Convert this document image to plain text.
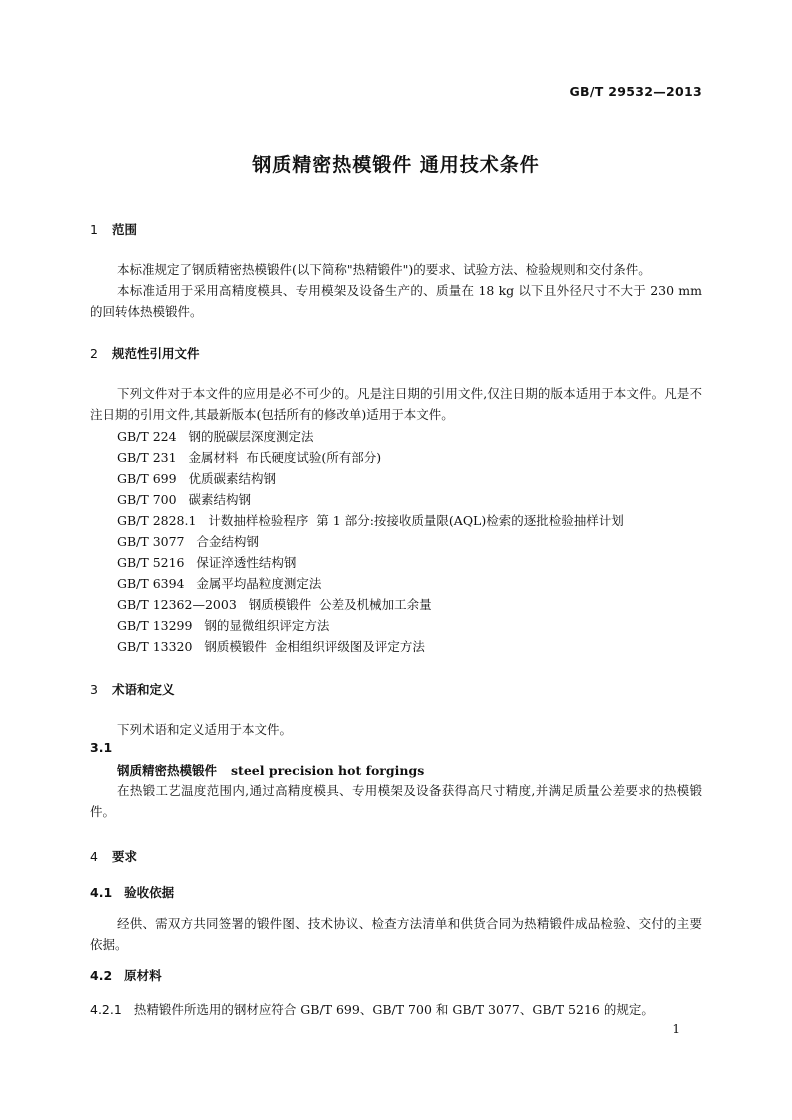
GB/T 29532—2013
钢质精密热模锻件 通用技术条件
1 范围
本标准规定了钢质精密热模锻件(以下简称"热精锻件")的要求、试验方法、检验规则和交付条件。
本标准适用于采用高精度模具、专用模架及设备生产的、质量在 18 kg 以下且外径尺寸不大于 230 mm 的回转体热模锻件。
2 规范性引用文件
下列文件对于本文件的应用是必不可少的。凡是注日期的引用文件,仅注日期的版本适用于本文件。凡是不注日期的引用文件,其最新版本(包括所有的修改单)适用于本文件。
GB/T 224   钢的脱碳层深度测定法
GB/T 231   金属材料  布氏硬度试验(所有部分)
GB/T 699   优质碳素结构钢
GB/T 700   碳素结构钢
GB/T 2828.1   计数抽样检验程序  第 1 部分:按接收质量限(AQL)检索的逐批检验抽样计划
GB/T 3077   合金结构钢
GB/T 5216   保证淬透性结构钢
GB/T 6394   金属平均晶粒度测定法
GB/T 12362—2003   钢质模锻件  公差及机械加工余量
GB/T 13299   钢的显微组织评定方法
GB/T 13320   钢质模锻件  金相组织评级图及评定方法
3 术语和定义
下列术语和定义适用于本文件。
3.1
钢质精密热模锻件 steel precision hot forgings
在热锻工艺温度范围内,通过高精度模具、专用模架及设备获得高尺寸精度,并满足质量公差要求的热模锻件。
4 要求
4.1 验收依据
经供、需双方共同签署的锻件图、技术协议、检查方法清单和供货合同为热精锻件成品检验、交付的主要依据。
4.2 原材料
4.2.1 热精锻件所选用的钢材应符合 GB/T 699、GB/T 700 和 GB/T 3077、GB/T 5216 的规定。
1
